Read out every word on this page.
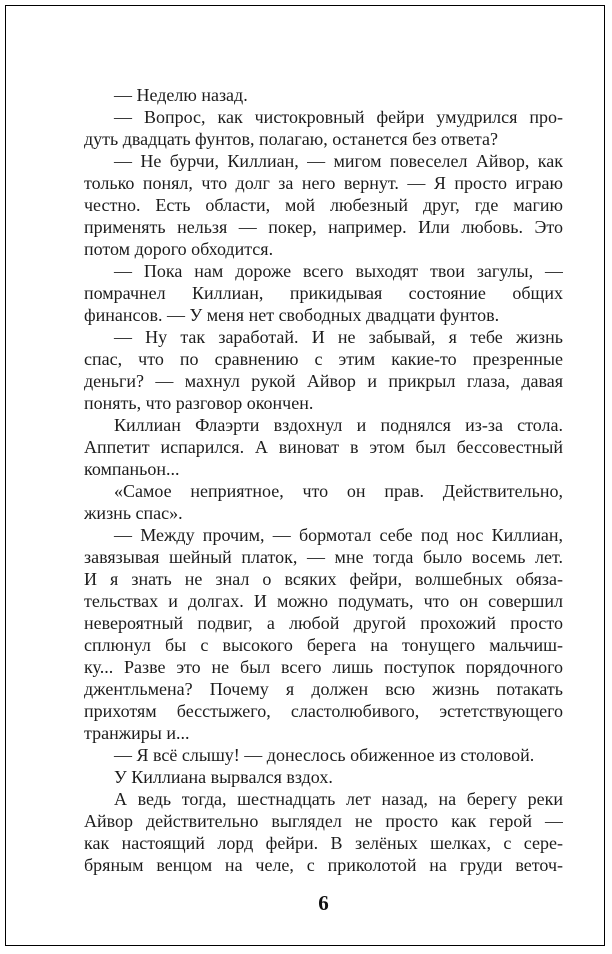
— Неделю назад.
— Вопрос, как чистокровный фейри умудрился про-
дуть двадцать фунтов, полагаю, останется без ответа?
— Не бурчи, Киллиан, — мигом повеселел Айвор, как
только понял, что долг за него вернут. — Я просто играю
честно. Есть области, мой любезный друг, где магию
применять нельзя — покер, например. Или любовь. Это
потом дорого обходится.
— Пока нам дороже всего выходят твои загулы, —
помрачнел Киллиан, прикидывая состояние общих
финансов. — У меня нет свободных двадцати фунтов.
— Ну так заработай. И не забывай, я тебе жизнь
спас, что по сравнению с этим какие-то презренные
деньги? — махнул рукой Айвор и прикрыл глаза, давая
понять, что разговор окончен.
Киллиан Флаэрти вздохнул и поднялся из-за стола.
Аппетит испарился. А виноват в этом был бессовестный
компаньон...
«Самое неприятное, что он прав. Действительно,
жизнь спас».
— Между прочим, — бормотал себе под нос Киллиан,
завязывая шейный платок, — мне тогда было восемь лет.
И я знать не знал о всяких фейри, волшебных обяза-
тельствах и долгах. И можно подумать, что он совершил
невероятный подвиг, а любой другой прохожий просто
сплюнул бы с высокого берега на тонущего мальчиш-
ку... Разве это не был всего лишь поступок порядочного
джентльмена? Почему я должен всю жизнь потакать
прихотям бесстыжего, сластолюбивого, эстетствующего
транжиры и...
— Я всё слышу! — донеслось обиженное из столовой.
У Киллиана вырвался вздох.
А ведь тогда, шестнадцать лет назад, на берегу реки
Айвор действительно выглядел не просто как герой —
как настоящий лорд фейри. В зелёных шелках, с сере-
бряным венцом на челе, с приколотой на груди веточ-
6
